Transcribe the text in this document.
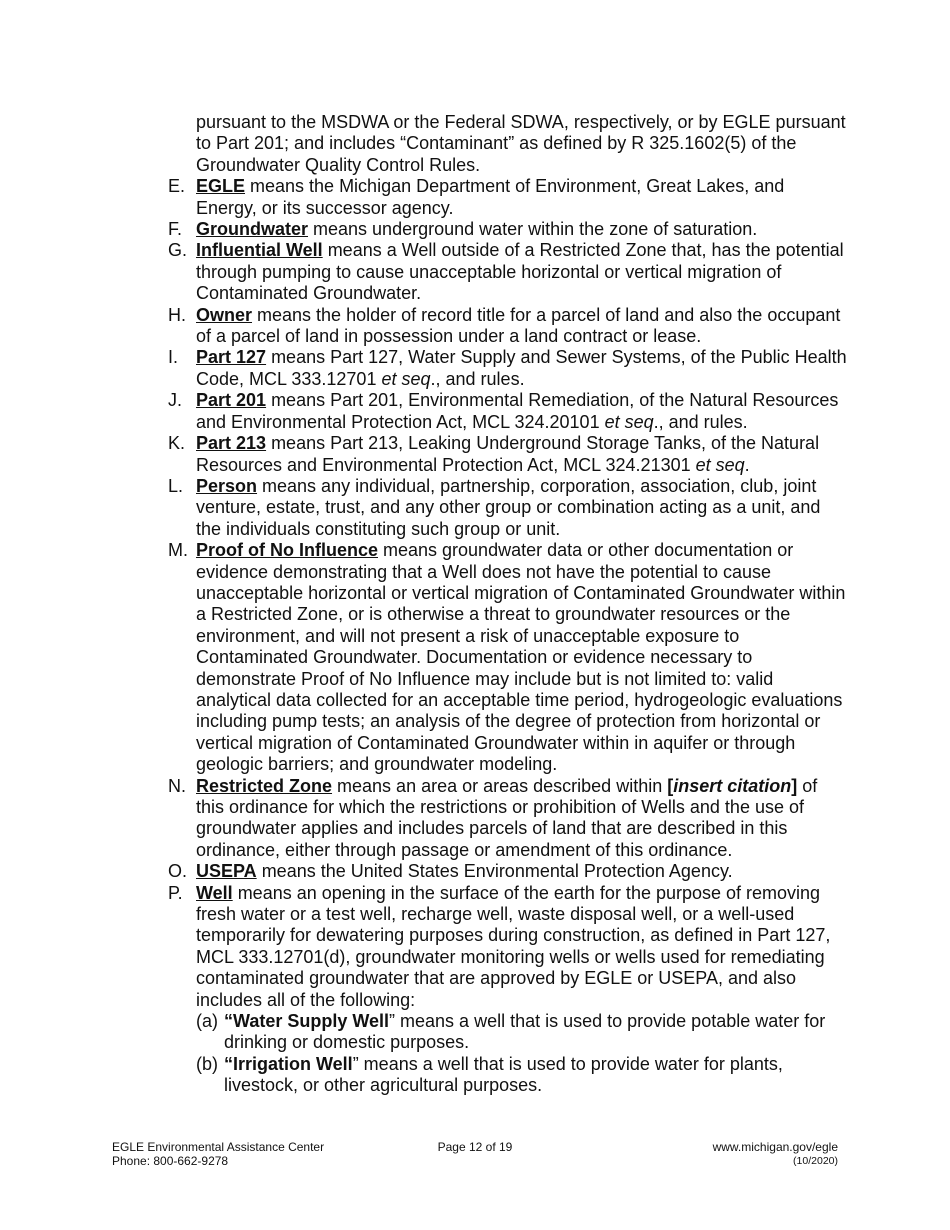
pursuant to the MSDWA or the Federal SDWA, respectively, or by EGLE pursuant to Part 201; and includes “Contaminant” as defined by R 325.1602(5) of the Groundwater Quality Control Rules.
E. EGLE means the Michigan Department of Environment, Great Lakes, and Energy, or its successor agency.
F. Groundwater means underground water within the zone of saturation.
G. Influential Well means a Well outside of a Restricted Zone that, has the potential through pumping to cause unacceptable horizontal or vertical migration of Contaminated Groundwater.
H. Owner means the holder of record title for a parcel of land and also the occupant of a parcel of land in possession under a land contract or lease.
I. Part 127 means Part 127, Water Supply and Sewer Systems, of the Public Health Code, MCL 333.12701 et seq., and rules.
J. Part 201 means Part 201, Environmental Remediation, of the Natural Resources and Environmental Protection Act, MCL 324.20101 et seq., and rules.
K. Part 213 means Part 213, Leaking Underground Storage Tanks, of the Natural Resources and Environmental Protection Act, MCL 324.21301 et seq.
L. Person means any individual, partnership, corporation, association, club, joint venture, estate, trust, and any other group or combination acting as a unit, and the individuals constituting such group or unit.
M. Proof of No Influence means groundwater data or other documentation or evidence demonstrating that a Well does not have the potential to cause unacceptable horizontal or vertical migration of Contaminated Groundwater within a Restricted Zone, or is otherwise a threat to groundwater resources or the environment, and will not present a risk of unacceptable exposure to Contaminated Groundwater. Documentation or evidence necessary to demonstrate Proof of No Influence may include but is not limited to: valid analytical data collected for an acceptable time period, hydrogeologic evaluations including pump tests; an analysis of the degree of protection from horizontal or vertical migration of Contaminated Groundwater within in aquifer or through geologic barriers; and groundwater modeling.
N. Restricted Zone means an area or areas described within [insert citation] of this ordinance for which the restrictions or prohibition of Wells and the use of groundwater applies and includes parcels of land that are described in this ordinance, either through passage or amendment of this ordinance.
O. USEPA means the United States Environmental Protection Agency.
P. Well means an opening in the surface of the earth for the purpose of removing fresh water or a test well, recharge well, waste disposal well, or a well-used temporarily for dewatering purposes during construction, as defined in Part 127, MCL 333.12701(d), groundwater monitoring wells or wells used for remediating contaminated groundwater that are approved by EGLE or USEPA, and also includes all of the following:
(a) “Water Supply Well” means a well that is used to provide potable water for drinking or domestic purposes.
(b) “Irrigation Well” means a well that is used to provide water for plants, livestock, or other agricultural purposes.
EGLE Environmental Assistance Center
Phone: 800-662-9278
Page 12 of 19	www.michigan.gov/egle
(10/2020)
